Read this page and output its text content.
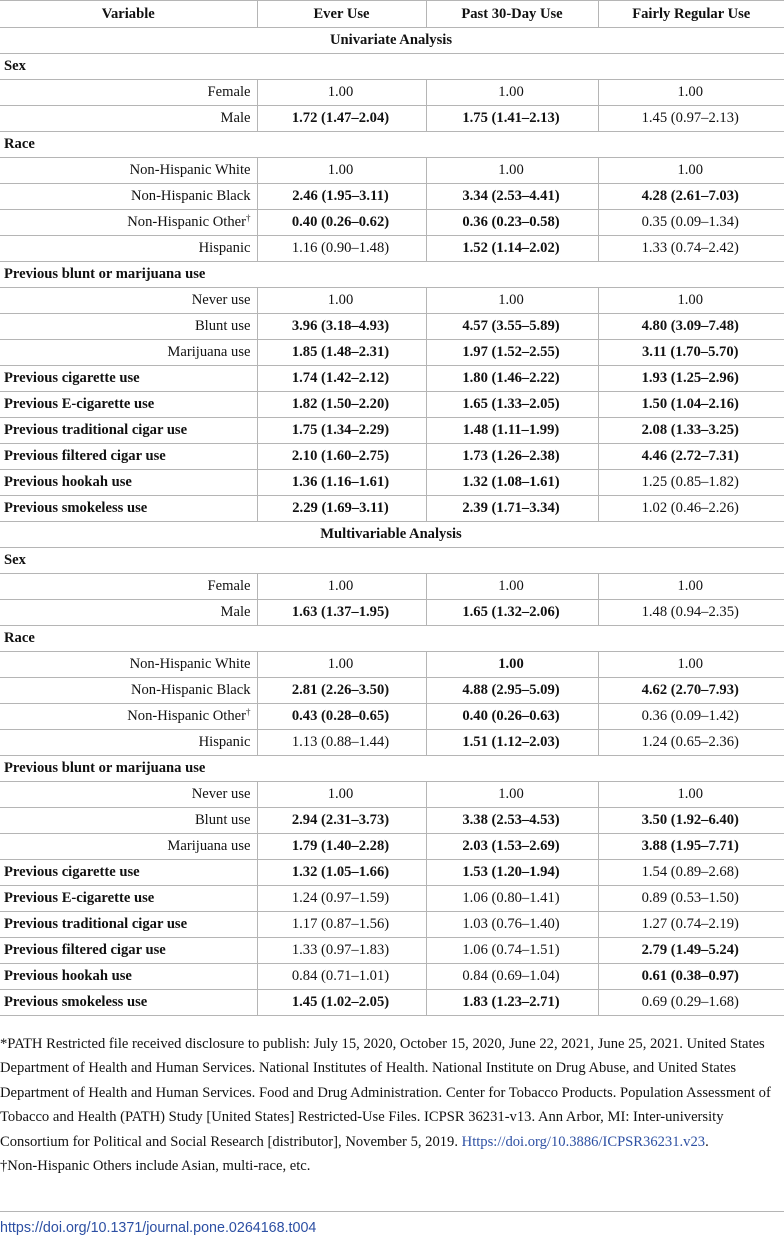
Variable	Ever Use	Past 30-Day Use	Fairly Regular Use
Univariate Analysis			
Sex			
Female	1.00	1.00	1.00
Male	1.72 (1.47–2.04)	1.75 (1.41–2.13)	1.45 (0.97–2.13)
Race			
Non-Hispanic White	1.00	1.00	1.00
Non-Hispanic Black	2.46 (1.95–3.11)	3.34 (2.53–4.41)	4.28 (2.61–7.03)
Non-Hispanic Other†	0.40 (0.26–0.62)	0.36 (0.23–0.58)	0.35 (0.09–1.34)
Hispanic	1.16 (0.90–1.48)	1.52 (1.14–2.02)	1.33 (0.74–2.42)
Previous blunt or marijuana use			
Never use	1.00	1.00	1.00
Blunt use	3.96 (3.18–4.93)	4.57 (3.55–5.89)	4.80 (3.09–7.48)
Marijuana use	1.85 (1.48–2.31)	1.97 (1.52–2.55)	3.11 (1.70–5.70)
Previous cigarette use	1.74 (1.42–2.12)	1.80 (1.46–2.22)	1.93 (1.25–2.96)
Previous E-cigarette use	1.82 (1.50–2.20)	1.65 (1.33–2.05)	1.50 (1.04–2.16)
Previous traditional cigar use	1.75 (1.34–2.29)	1.48 (1.11–1.99)	2.08 (1.33–3.25)
Previous filtered cigar use	2.10 (1.60–2.75)	1.73 (1.26–2.38)	4.46 (2.72–7.31)
Previous hookah use	1.36 (1.16–1.61)	1.32 (1.08–1.61)	1.25 (0.85–1.82)
Previous smokeless use	2.29 (1.69–3.11)	2.39 (1.71–3.34)	1.02 (0.46–2.26)
Multivariable Analysis			
Sex			
Female	1.00	1.00	1.00
Male	1.63 (1.37–1.95)	1.65 (1.32–2.06)	1.48 (0.94–2.35)
Race			
Non-Hispanic White	1.00	1.00	1.00
Non-Hispanic Black	2.81 (2.26–3.50)	4.88 (2.95–5.09)	4.62 (2.70–7.93)
Non-Hispanic Other†	0.43 (0.28–0.65)	0.40 (0.26–0.63)	0.36 (0.09–1.42)
Hispanic	1.13 (0.88–1.44)	1.51 (1.12–2.03)	1.24 (0.65–2.36)
Previous blunt or marijuana use			
Never use	1.00	1.00	1.00
Blunt use	2.94 (2.31–3.73)	3.38 (2.53–4.53)	3.50 (1.92–6.40)
Marijuana use	1.79 (1.40–2.28)	2.03 (1.53–2.69)	3.88 (1.95–7.71)
Previous cigarette use	1.32 (1.05–1.66)	1.53 (1.20–1.94)	1.54 (0.89–2.68)
Previous E-cigarette use	1.24 (0.97–1.59)	1.06 (0.80–1.41)	0.89 (0.53–1.50)
Previous traditional cigar use	1.17 (0.87–1.56)	1.03 (0.76–1.40)	1.27 (0.74–2.19)
Previous filtered cigar use	1.33 (0.97–1.83)	1.06 (0.74–1.51)	2.79 (1.49–5.24)
Previous hookah use	0.84 (0.71–1.01)	0.84 (0.69–1.04)	0.61 (0.38–0.97)
Previous smokeless use	1.45 (1.02–2.05)	1.83 (1.23–2.71)	0.69 (0.29–1.68)

*PATH Restricted file received disclosure to publish: July 15, 2020, October 15, 2020, June 22, 2021, June 25, 2021. United States Department of Health and Human Services. National Institutes of Health. National Institute on Drug Abuse, and United States Department of Health and Human Services. Food and Drug Administration. Center for Tobacco Products. Population Assessment of Tobacco and Health (PATH) Study [United States] Restricted-Use Files. ICPSR 36231-v13. Ann Arbor, MI: Inter-university Consortium for Political and Social Research [distributor], November 5, 2019. Https://doi.org/10.3886/ICPSR36231.v23.

†Non-Hispanic Others include Asian, multi-race, etc.

https://doi.org/10.1371/journal.pone.0264168.t004
